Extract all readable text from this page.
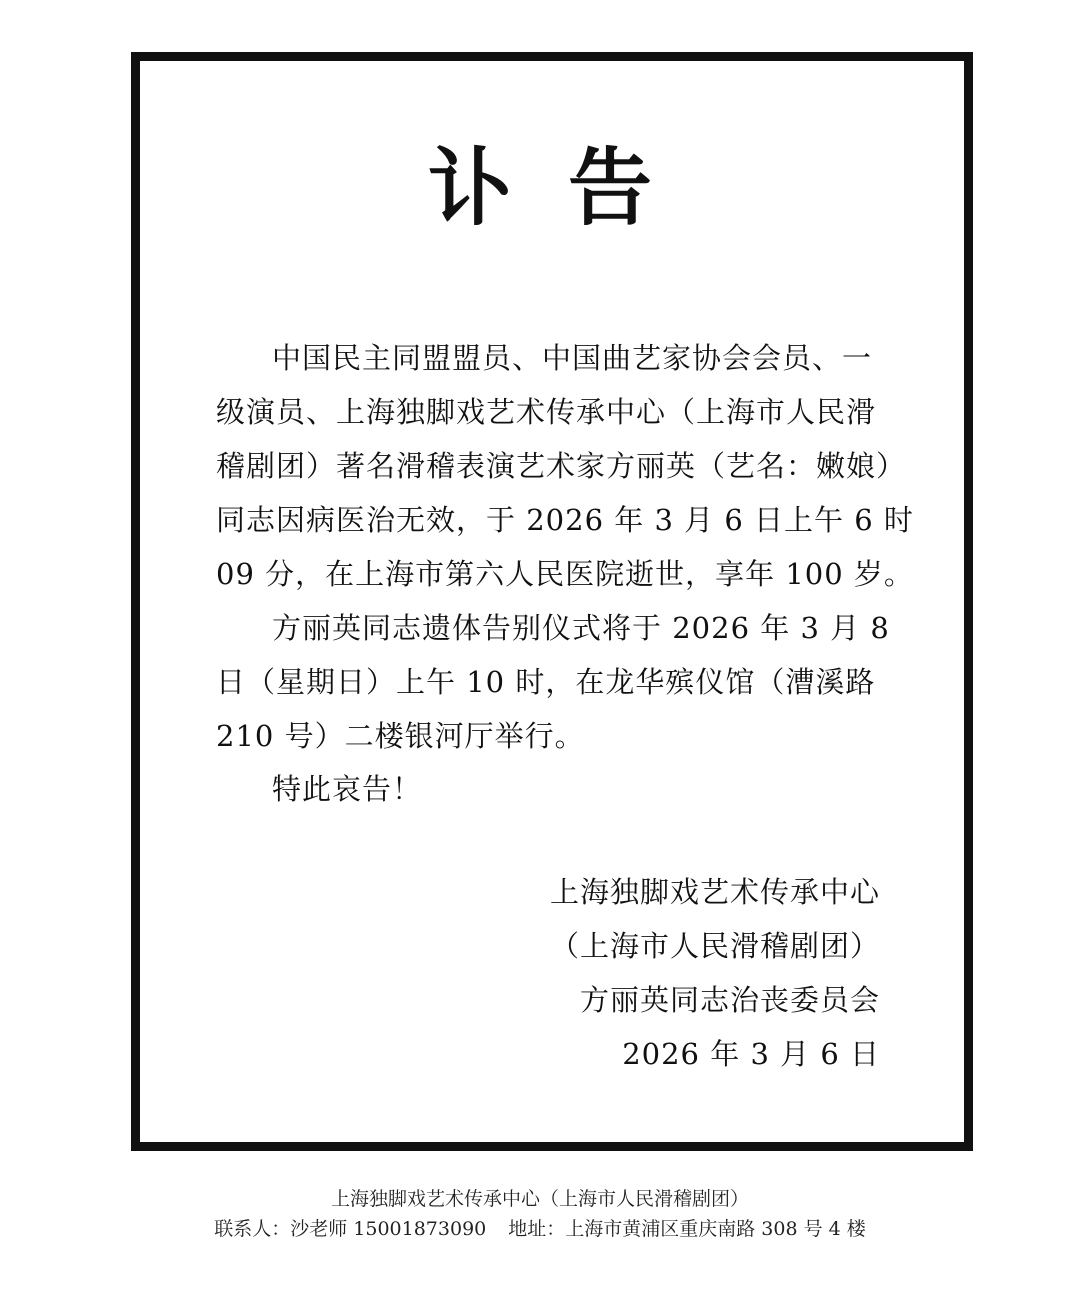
讣告
中国民主同盟盟员、中国曲艺家协会会员、一
级演员、上海独脚戏艺术传承中心（上海市人民滑
稽剧团）著名滑稽表演艺术家方丽英（艺名：嫩娘）
同志因病医治无效，于 2026 年 3 月 6 日上午 6 时
09 分，在上海市第六人民医院逝世，享年 100 岁。
方丽英同志遗体告别仪式将于 2026 年 3 月 8
日（星期日）上午 10 时，在龙华殡仪馆（漕溪路
210 号）二楼银河厅举行。
特此哀告！
上海独脚戏艺术传承中心
（上海市人民滑稽剧团）
方丽英同志治丧委员会
2026 年 3 月 6 日
上海独脚戏艺术传承中心（上海市人民滑稽剧团）
联系人：沙老师 15001873090 地址：上海市黄浦区重庆南路 308 号 4 楼
